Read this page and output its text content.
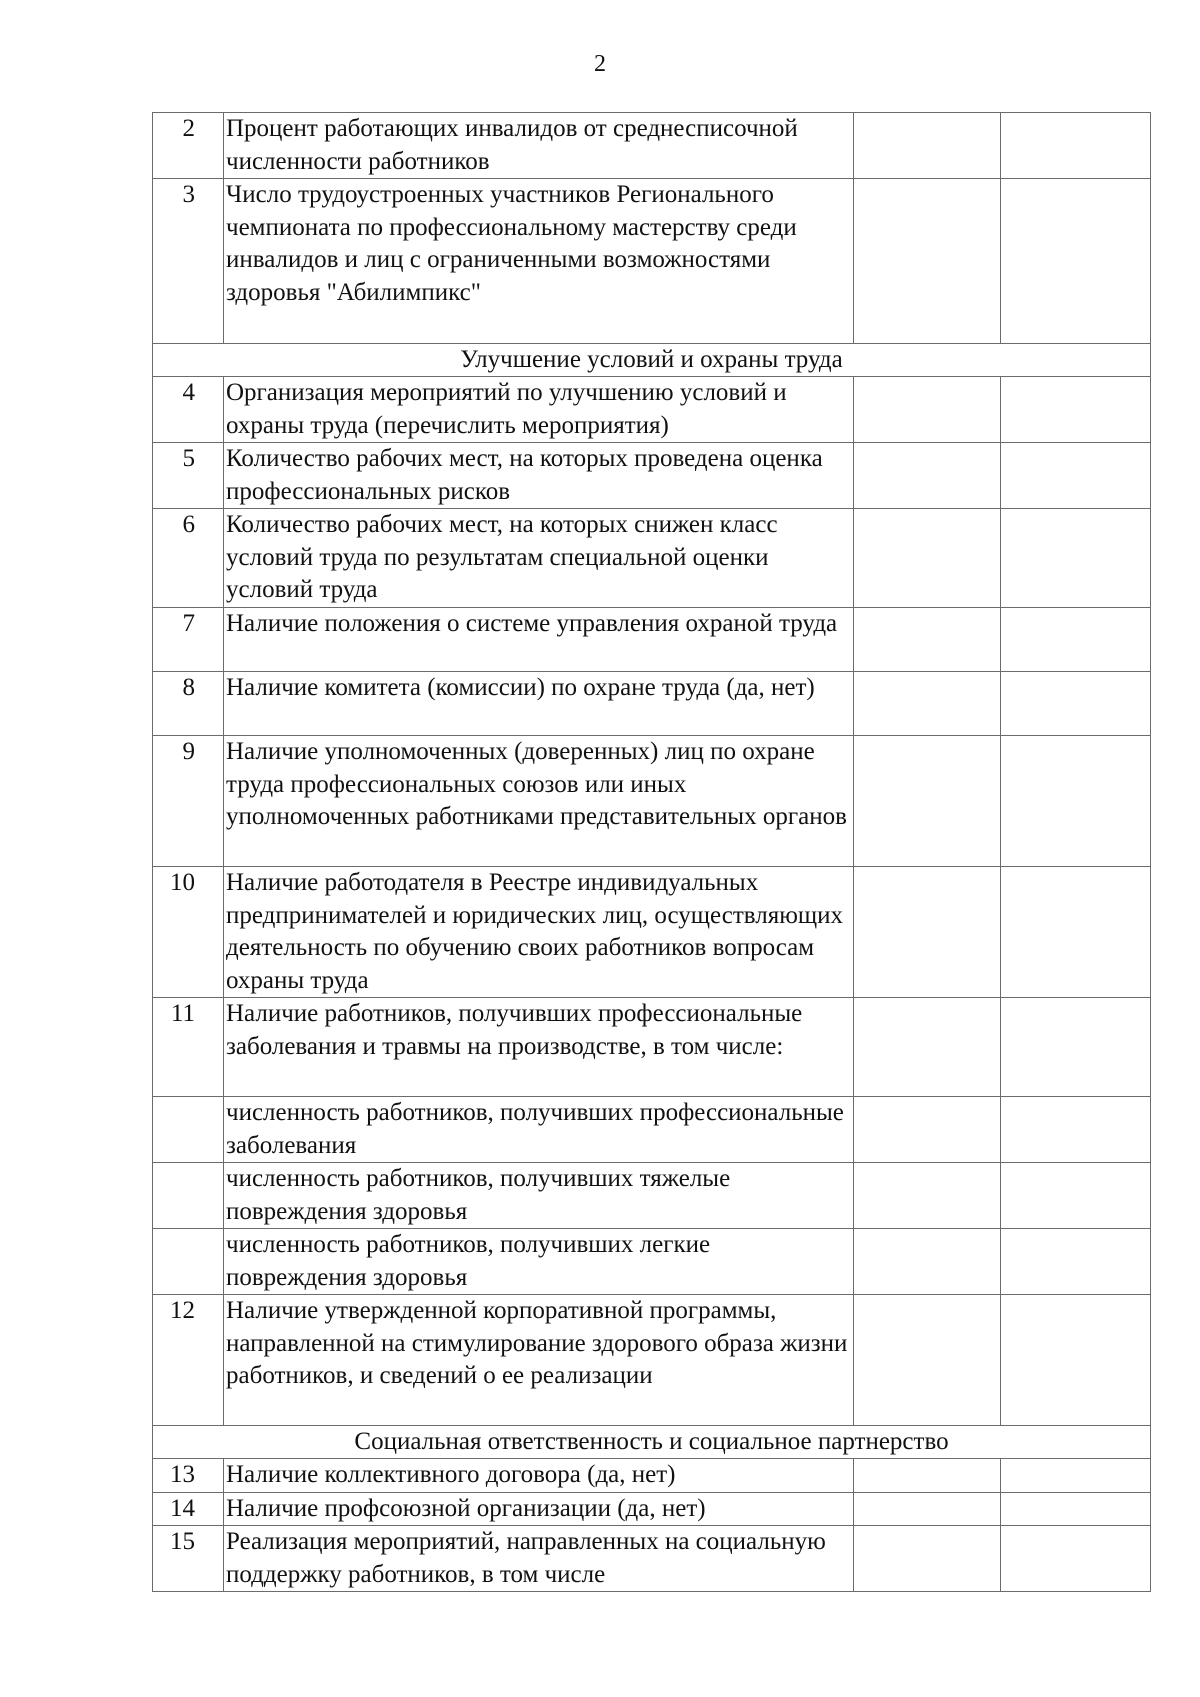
2
2	Процент работающих инвалидов от среднесписочной численности работников		
3	Число трудоустроенных участников Регионального чемпионата по профессиональному мастерству среди инвалидов и лиц с ограниченными возможностями здоровья "Абилимпикс"		
Улучшение условий и охраны труда			
4	Организация мероприятий по улучшению условий и охраны труда (перечислить мероприятия)		
5	Количество рабочих мест, на которых проведена оценка профессиональных рисков		
6	Количество рабочих мест, на которых снижен класс условий труда по результатам специальной оценки условий труда		
7	Наличие положения о системе управления охраной труда		
8	Наличие комитета (комиссии) по охране труда (да, нет)		
9	Наличие уполномоченных (доверенных) лиц по охране труда профессиональных союзов или иных уполномоченных работниками представительных органов		
10	Наличие работодателя в Реестре индивидуальных предпринимателей и юридических лиц, осуществляющих деятельность по обучению своих работников вопросам охраны труда		
11	Наличие работников, получивших профессиональные заболевания и травмы на производстве, в том числе:		
	численность работников, получивших профессиональные заболевания		
	численность работников, получивших тяжелые повреждения здоровья		
	численность работников, получивших легкие повреждения здоровья		
12	Наличие утвержденной корпоративной программы, направленной на стимулирование здорового образа жизни работников, и сведений о ее реализации		
Социальная ответственность и социальное партнерство			
13	Наличие коллективного договора (да, нет)		
14	Наличие профсоюзной организации (да, нет)		
15	Реализация мероприятий, направленных на социальную поддержку работников, в том числе		
